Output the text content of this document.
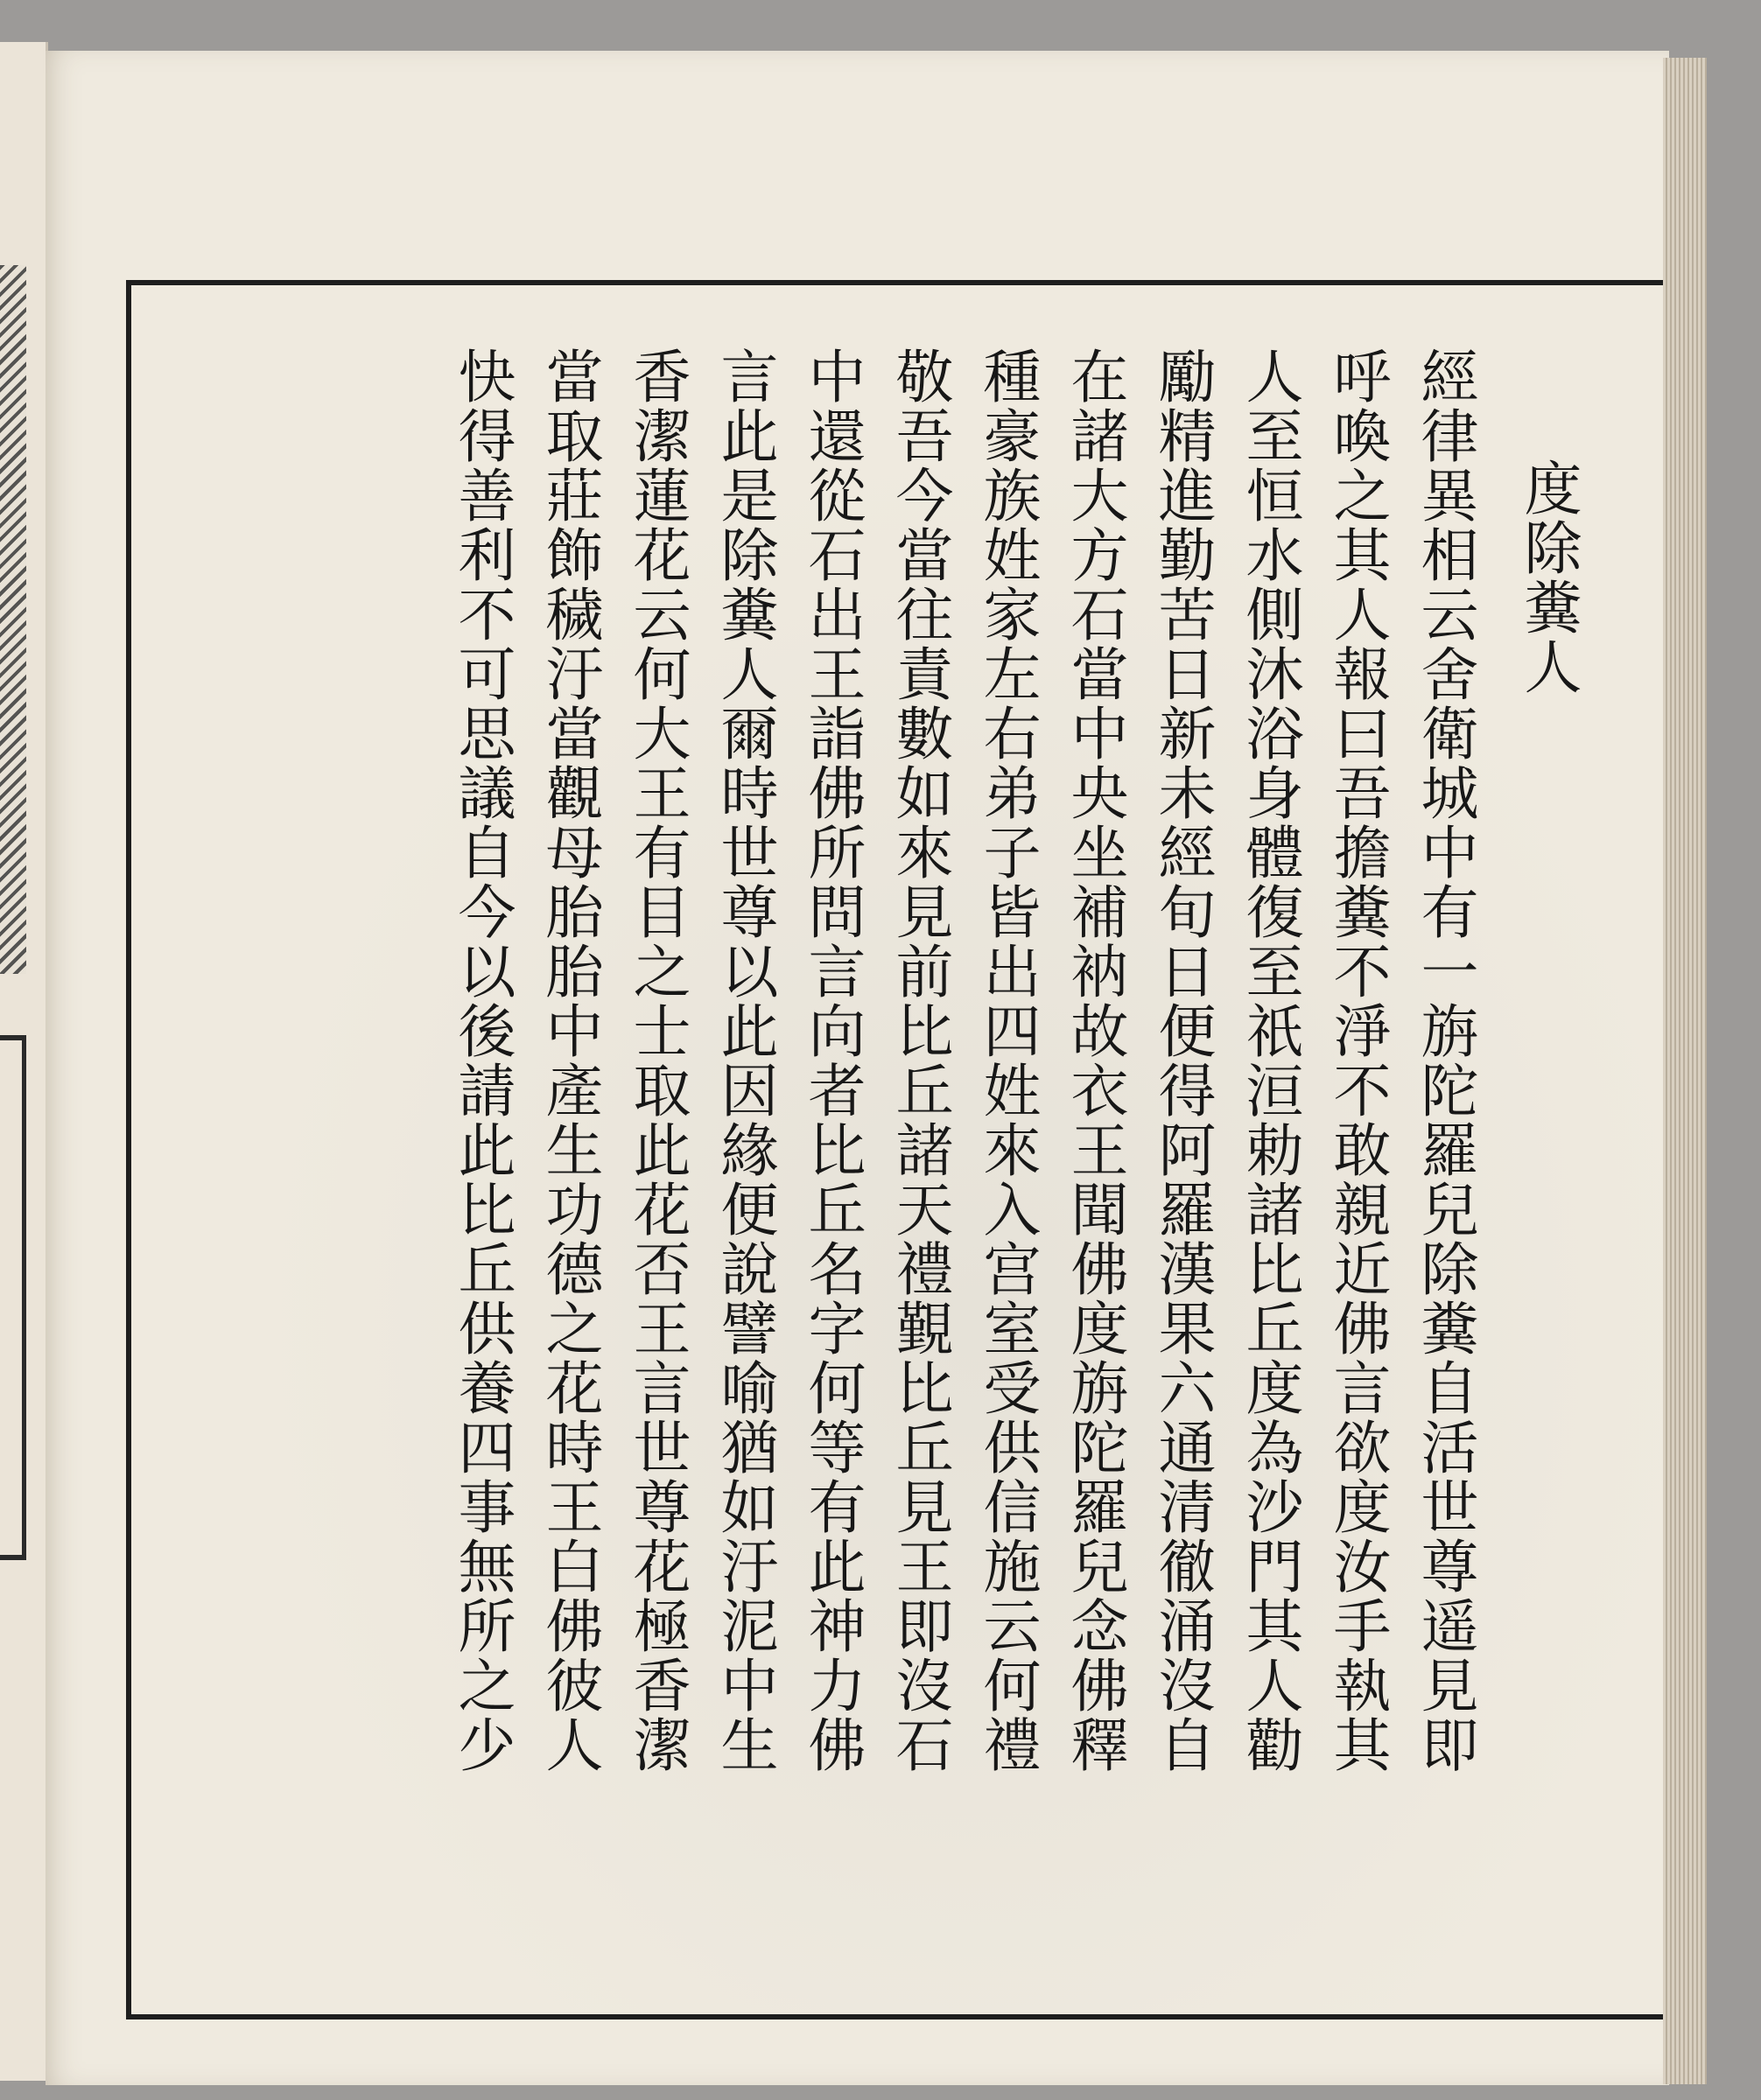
度除糞人
經律異相云舍衛城中有一旃陀羅兒除糞自活世尊遥見即
呼喚之其人報曰吾擔糞不淨不敢親近佛言欲度汝手執其
人至恒水側沐浴身體復至祇洹勅諸比丘度為沙門其人勸
勵精進勤苦日新未經旬日便得阿羅漢果六通清徹涌沒自
在諸大方石當中央坐補衲故衣王聞佛度旃陀羅兒念佛釋
種豪族姓家左右弟子皆出四姓來入宫室受供信施云何禮
敬吾今當往責數如來見前比丘諸天禮覲比丘見王即沒石
中還從石出王詣佛所問言向者比丘名字何等有此神力佛
言此是除糞人爾時世尊以此因緣便說譬喻猶如汙泥中生
香潔蓮花云何大王有目之士取此花否王言世尊花極香潔
當取莊飾穢汙當觀母胎胎中產生功德之花時王白佛彼人
快得善利不可思議自今以後請此比丘供養四事無所之少
